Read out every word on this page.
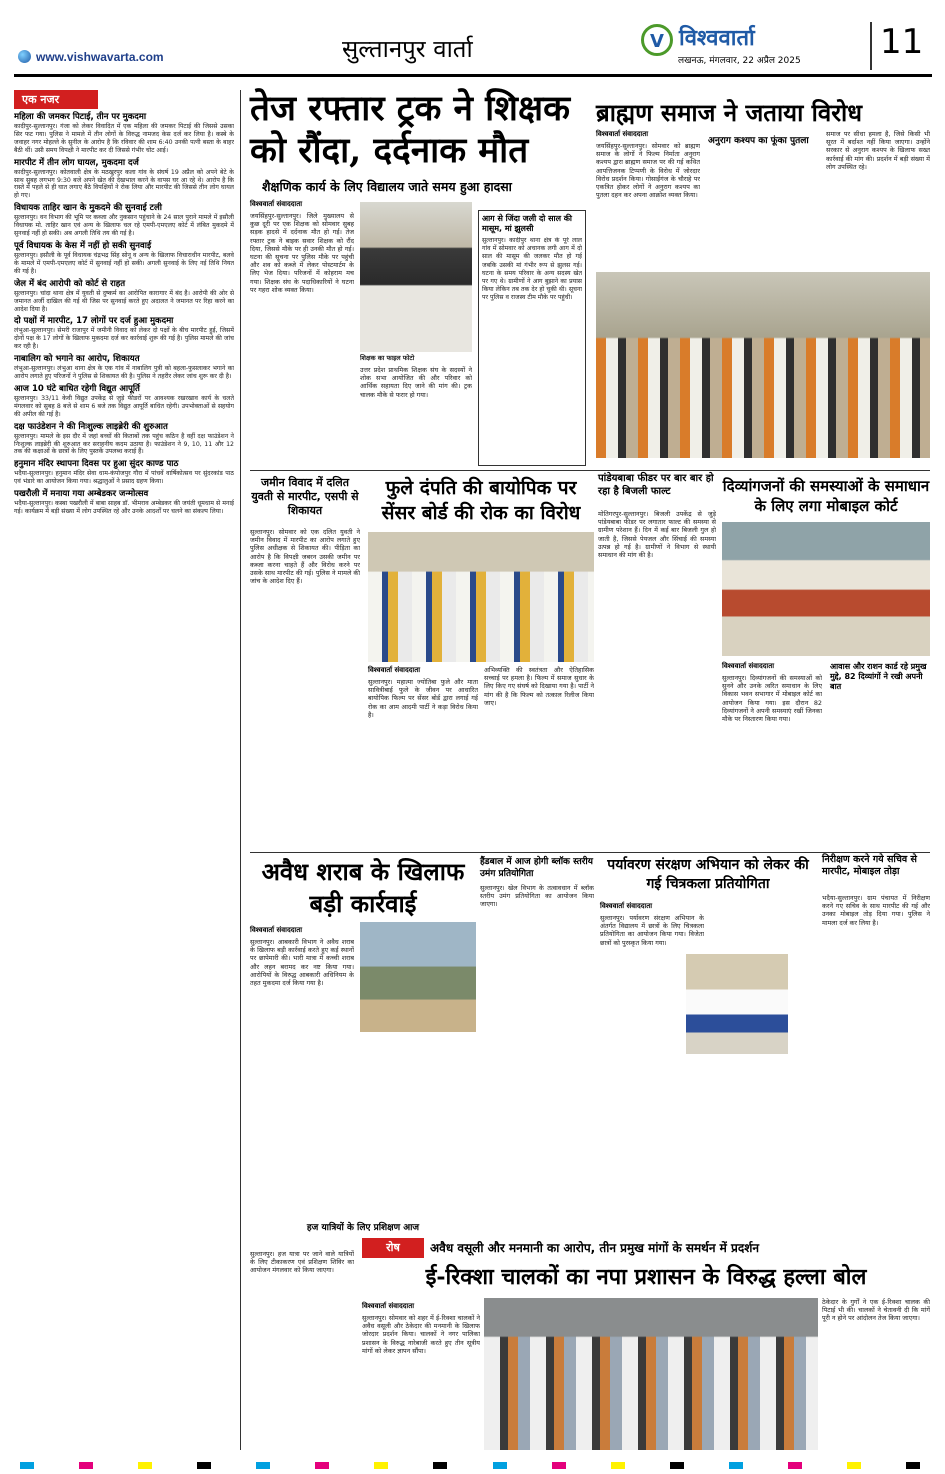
www.vishwavarta.com	सुल्तानपुर वार्ता	V विश्ववार्ता
लखनऊ, मंगलवार, 22 अप्रैल 2025 11
एक नजर
महिला की जमकर पिटाई, तीन पर मुकदमा

कादीपुर-सुल्तानपुर। गंजा को लेकर विवादित में एक महिला की जमकर पिटाई की जिससे उसका सिर फट गया। पुलिस ने मामले में तीन लोगों के विरुद्ध नामजद केस दर्ज कर लिया है। कस्बे के जवाहर नगर मोहल्ले के सुनील के आरोप है कि रविवार की शाम 6:40 उनकी पत्नी बस्ता के बाहर बैठी थीं। उसी समय विपक्षी ने मारपीट कर दी जिससे गंभीर चोट आई।

मारपीट में तीन लोग घायल, मुकदमा दर्ज

कादीपुर-सुल्तानपुर। कोतवाली क्षेत्र के मठखुरपुर कला गांव के संघर्ष 19 अप्रैल को अपने बेटे के साथ सुबह लगभग 9:30 बजे अपने खेत की देखभाल करने के वापस घर आ रहे थे। आरोप है कि रास्ते में पहले से ही घात लगाए बैठे विपक्षियों ने रोक लिया और मारपीट की जिससे तीन लोग घायल हो गए।

विधायक ताहिर खान के मुकदमे की सुनवाई टली

सुल्तानपुर। वन विभाग की भूमि पर कब्जा और नुकसान पहुंचाने के 24 साल पुराने मामले में इसौली विधायक मो. ताहिर खान एवं अन्य के खिलाफ चल रहे एमपी-एमएलए कोर्ट में लंबित मुकदमे में सुनवाई नहीं हो सकी। अब अगली तिथि तय की गई है।

पूर्व विधायक के केस में नहीं हो सकी सुनवाई

सुल्तानपुर। इसौली के पूर्व विधायक चंद्रभद्र सिंह सोनू व अन्य के खिलाफ विचाराधीन मारपीट, बलवे के मामले में एमपी-एमएलए कोर्ट में सुनवाई नहीं हो सकी। अगली सुनवाई के लिए नई तिथि नियत की गई है।

जेल में बंद आरोपी को कोर्ट से राहत

सुल्तानपुर। चांदा थाना क्षेत्र में युवती से दुष्कर्म का आरोपित कारागार में बंद है। आरोपी की ओर से जमानत अर्जी दाखिल की गई थी जिस पर सुनवाई करते हुए अदालत ने जमानत पर रिहा करने का आदेश दिया है।

दो पक्षों में मारपीट, 17 लोगों पर दर्ज हुआ मुकदमा

लंभुआ-सुल्तानपुर। सेमरी राजापुर में जमीनी विवाद को लेकर दो पक्षों के बीच मारपीट हुई, जिसमें दोनों पक्ष के 17 लोगों के खिलाफ मुकदमा दर्ज कर कार्रवाई शुरू की गई है। पुलिस मामले की जांच कर रही है।

नाबालिग को भगाने का आरोप, शिकायत

लंभुआ-सुल्तानपुर। लंभुआ थाना क्षेत्र के एक गांव में नाबालिग पुत्री को बहला-फुसलाकर भगाने का आरोप लगाते हुए परिजनों ने पुलिस से शिकायत की है। पुलिस ने तहरीर लेकर जांच शुरू कर दी है।

आज 10 घंटे बाधित रहेगी विद्युत आपूर्ति

सुल्तानपुर। 33/11 केवी विद्युत उपकेंद्र से जुड़े फीडरों पर आवश्यक रखरखाव कार्य के चलते मंगलवार को सुबह 8 बजे से शाम 6 बजे तक विद्युत आपूर्ति बाधित रहेगी। उपभोक्ताओं से सहयोग की अपील की गई है।

दक्ष फाउंडेशन ने की निःशुल्क लाइब्रेरी की शुरुआत

सुल्तानपुर। मामले के इस दौर में जहां बच्चों की किताबों तक पहुंच कठिन है वहीं दक्ष फाउंडेशन ने निःशुल्क लाइब्रेरी की शुरुआत कर सराहनीय कदम उठाया है। फाउंडेशन ने 9, 10, 11 और 12 तक की कक्षाओं के छात्रों के लिए पुस्तकें उपलब्ध कराई हैं।

हनुमान मंदिर स्थापना दिवस पर हुआ सुंदर काण्ड पाठ

भदैया-सुल्तानपुर। हनुमान मंदिर सेवा धाम-कंपोजपुर गौरा में पांचवें वार्षिकोत्सव पर सुंदरकांड पाठ एवं भंडारे का आयोजन किया गया। श्रद्धालुओं ने प्रसाद ग्रहण किया।

पखरौली में मनाया गया अम्बेडकर जन्मोत्सव

भदैया-सुल्तानपुर। कस्बा पखरौली में बाबा साहब डॉ. भीमराव अम्बेडकर की जयंती धूमधाम से मनाई गई। कार्यक्रम में बड़ी संख्या में लोग उपस्थित रहे और उनके आदर्शों पर चलने का संकल्प लिया।

तेज रफ्तार ट्रक ने शिक्षक को रौंदा, दर्दनाक मौत
शैक्षणिक कार्य के लिए विद्यालय जाते समय हुआ हादसा
विश्ववार्ता संवाददाता
जयसिंहपुर-सुल्तानपुर। जिले मुख्यालय से कुछ दूरी पर एक शिक्षक को सोमवार सुबह सड़क हादसे में दर्दनाक मौत हो गई। तेज रफ्तार ट्रक ने बाइक सवार शिक्षक को रौंद दिया, जिससे मौके पर ही उनकी मौत हो गई। घटना की सूचना पर पुलिस मौके पर पहुंची और शव को कब्जे में लेकर पोस्टमार्टम के लिए भेज दिया। परिजनों में कोहराम मच गया। शिक्षक संघ के पदाधिकारियों ने घटना पर गहरा शोक व्यक्त किया।
शिक्षक का फाइल फोटो
उत्तर प्रदेश प्राथमिक शिक्षक संघ के सदस्यों ने शोक सभा आयोजित की और परिवार को आर्थिक सहायता दिए जाने की मांग की। ट्रक चालक मौके से फरार हो गया।
आग से जिंदा जली दो साल की मासूम, मां झुलसी
सुल्तानपुर। कादीपुर थाना क्षेत्र के पूरे लाल गांव में सोमवार को अचानक लगी आग में दो साल की मासूम की जलकर मौत हो गई जबकि उसकी मां गंभीर रूप से झुलस गई। घटना के समय परिवार के अन्य सदस्य खेत पर गए थे। ग्रामीणों ने आग बुझाने का प्रयास किया लेकिन तब तक देर हो चुकी थी। सूचना पर पुलिस व राजस्व टीम मौके पर पहुंची।
ब्राह्मण समाज ने जताया विरोध
विश्ववार्ता संवाददाता
जयसिंहपुर-सुल्तानपुर। सोमवार को ब्राह्मण समाज के लोगों ने फिल्म निर्माता अनुराग कश्यप द्वारा ब्राह्मण समाज पर की गई कथित आपत्तिजनक टिप्पणी के विरोध में जोरदार विरोध प्रदर्शन किया। गोसाईंगंज के चौराहे पर एकत्रित होकर लोगों ने अनुराग कश्यप का पुतला दहन कर अपना आक्रोश व्यक्त किया।
अनुराग कश्यप का फूंका पुतला
समाज पर सीधा हमला है, जिसे किसी भी सूरत में बर्दाश्त नहीं किया जाएगा। उन्होंने सरकार से अनुराग कश्यप के खिलाफ सख्त कार्रवाई की मांग की। प्रदर्शन में बड़ी संख्या में लोग उपस्थित रहे।
जमीन विवाद में दलित युवती से मारपीट, एसपी से शिकायत
सुल्तानपुर। सोमवार को एक दलित युवती ने जमीन विवाद में मारपीट का आरोप लगाते हुए पुलिस अधीक्षक से शिकायत की। पीड़िता का आरोप है कि विपक्षी जबरन उसकी जमीन पर कब्जा करना चाहते हैं और विरोध करने पर उसके साथ मारपीट की गई। पुलिस ने मामले की जांच के आदेश दिए हैं।
फुले दंपति की बायोपिक पर सेंसर बोर्ड की रोक का विरोध
विश्ववार्ता संवाददाता
सुल्तानपुर। महात्मा ज्योतिबा फुले और माता सावित्रीबाई फुले के जीवन पर आधारित बायोपिक फिल्म पर सेंसर बोर्ड द्वारा लगाई गई रोक का आम आदमी पार्टी ने कड़ा विरोध किया है।
अभिव्यक्ति की स्वतंत्रता और ऐतिहासिक सच्चाई पर हमला है। फिल्म में समाज सुधार के लिए किए गए संघर्ष को दिखाया गया है। पार्टी ने मांग की है कि फिल्म को तत्काल रिलीज किया जाए।
पांडेयबाबा फीडर पर बार बार हो रहा है बिजली फाल्ट
मोतिगरपुर-सुल्तानपुर। बिजली उपकेंद्र से जुड़े पांडेयबाबा फीडर पर लगातार फाल्ट की समस्या से ग्रामीण परेशान हैं। दिन में कई बार बिजली गुल हो जाती है, जिससे पेयजल और सिंचाई की समस्या उत्पन्न हो गई है। ग्रामीणों ने विभाग से स्थायी समाधान की मांग की है।
दिव्यांगजनों की समस्याओं के समाधान के लिए लगा मोबाइल कोर्ट
विश्ववार्ता संवाददाता
सुल्तानपुर। दिव्यांगजनों की समस्याओं को सुनने और उनके त्वरित समाधान के लिए विकास भवन सभागार में मोबाइल कोर्ट का आयोजन किया गया। इस दौरान 82 दिव्यांगजनों ने अपनी समस्याएं रखीं जिनका मौके पर निस्तारण किया गया।
आवास और राशन कार्ड रहे प्रमुख मुद्दे, 82 दिव्यांगों ने रखी अपनी बात
अवैध शराब के खिलाफ बड़ी कार्रवाई
विश्ववार्ता संवाददाता
सुल्तानपुर। आबकारी विभाग ने अवैध शराब के खिलाफ बड़ी कार्रवाई करते हुए कई स्थानों पर छापेमारी की। भारी मात्रा में कच्ची शराब और लहन बरामद कर नष्ट किया गया। आरोपियों के विरुद्ध आबकारी अधिनियम के तहत मुकदमा दर्ज किया गया है।
हज यात्रियों के लिए प्रशिक्षण आज
सुल्तानपुर। हज यात्रा पर जाने वाले यात्रियों के लिए टीकाकरण एवं प्रशिक्षण शिविर का आयोजन मंगलवार को किया जाएगा।
हैंडबाल में आज होगी ब्लॉक स्तरीय उमंग प्रतियोगिता
सुल्तानपुर। खेल विभाग के तत्वावधान में ब्लॉक स्तरीय उमंग प्रतियोगिता का आयोजन किया जाएगा।
पर्यावरण संरक्षण अभियान को लेकर की गई चित्रकला प्रतियोगिता
विश्ववार्ता संवाददाता
सुल्तानपुर। पर्यावरण संरक्षण अभियान के अंतर्गत विद्यालय में छात्रों के लिए चित्रकला प्रतियोगिता का आयोजन किया गया। विजेता छात्रों को पुरस्कृत किया गया।
निरीक्षण करने गये सचिव से मारपीट, मोबाइल तोड़ा
भदैया-सुल्तानपुर। ग्राम पंचायत में निरीक्षण करने गए सचिव के साथ मारपीट की गई और उनका मोबाइल तोड़ दिया गया। पुलिस ने मामला दर्ज कर लिया है।
रोष	अवैध वसूली और मनमानी का आरोप, तीन प्रमुख मांगों के समर्थन में प्रदर्शन
ई-रिक्शा चालकों का नपा प्रशासन के विरुद्ध हल्ला बोल
विश्ववार्ता संवाददाता
सुल्तानपुर। सोमवार को शहर में ई-रिक्शा चालकों ने अवैध वसूली और ठेकेदार की मनमानी के खिलाफ जोरदार प्रदर्शन किया। चालकों ने नगर पालिका प्रशासन के विरुद्ध नारेबाजी करते हुए तीन सूत्रीय मांगों को लेकर ज्ञापन सौंपा।
ठेकेदार के गुर्गों ने एक ई-रिक्शा चालक की पिटाई भी की। चालकों ने चेतावनी दी कि मांगें पूरी न होने पर आंदोलन तेज किया जाएगा।
